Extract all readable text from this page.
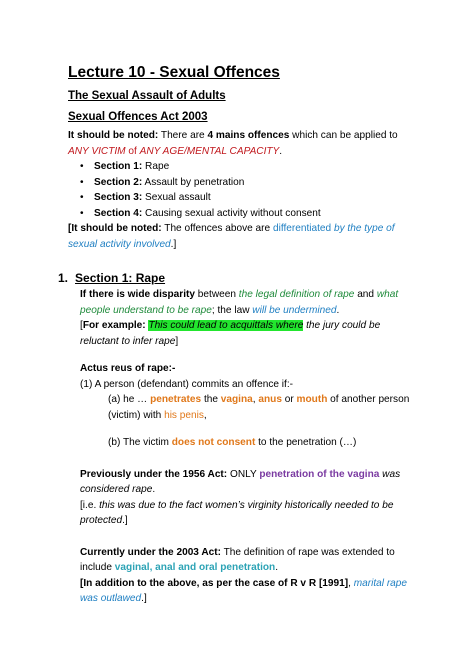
Lecture 10 - Sexual Offences
The Sexual Assault of Adults
Sexual Offences Act 2003
It should be noted: There are 4 mains offences which can be applied to ANY VICTIM of ANY AGE/MENTAL CAPACITY.
• Section 1: Rape
• Section 2: Assault by penetration
• Section 3: Sexual assault
• Section 4: Causing sexual activity without consent
[It should be noted: The offences above are differentiated by the type of sexual activity involved.]
1. Section 1: Rape
If there is wide disparity between the legal definition of rape and what people understand to be rape; the law will be undermined.
[For example: This could lead to acquittals where the jury could be reluctant to infer rape]
Actus reus of rape:-
(1) A person (defendant) commits an offence if:-
(a) he … penetrates the vagina, anus or mouth of another person (victim) with his penis,
(b) The victim does not consent to the penetration (…)
Previously under the 1956 Act: ONLY penetration of the vagina was considered rape.
[i.e. this was due to the fact women’s virginity historically needed to be protected.]
Currently under the 2003 Act: The definition of rape was extended to include vaginal, anal and oral penetration.
[In addition to the above, as per the case of R v R [1991], marital rape was outlawed.]
